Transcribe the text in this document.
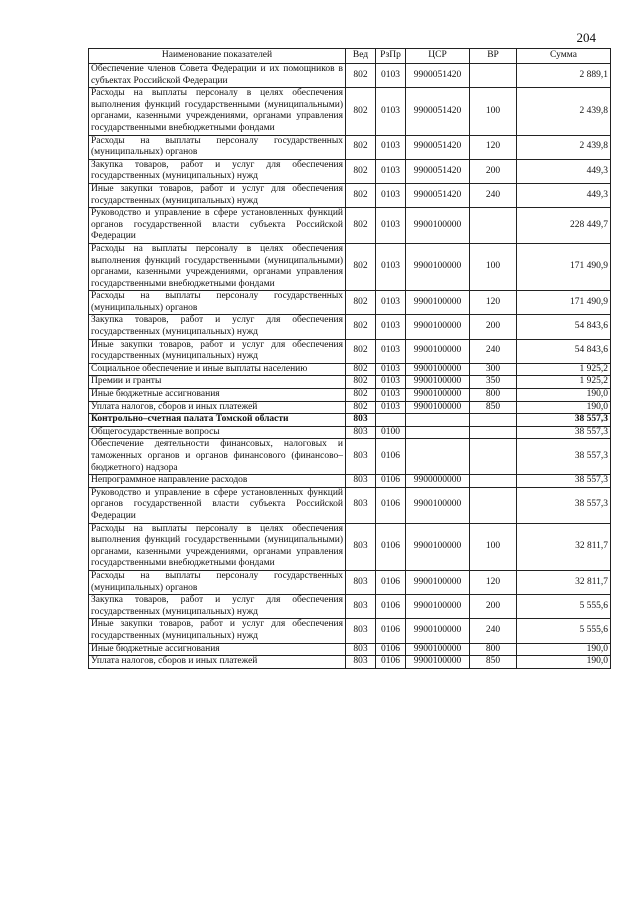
204
Наименование показателей	Вед	РзПр	ЦСР	ВР	Сумма
Обеспечение членов Совета Федерации и их помощников в субъектах Российской Федерации	802	0103	9900051420		2 889,1
Расходы на выплаты персоналу в целях обеспечения выполнения функций государственными (муниципальными) органами, казенными учреждениями, органами управления государственными внебюджетными фондами	802	0103	9900051420	100	2 439,8
Расходы на выплаты персоналу государственных (муниципальных) органов	802	0103	9900051420	120	2 439,8
Закупка товаров, работ и услуг для обеспечения государственных (муниципальных) нужд	802	0103	9900051420	200	449,3
Иные закупки товаров, работ и услуг для обеспечения государственных (муниципальных) нужд	802	0103	9900051420	240	449,3
Руководство и управление в сфере установленных функций органов государственной власти субъекта Российской Федерации	802	0103	9900100000		228 449,7
Расходы на выплаты персоналу в целях обеспечения выполнения функций государственными (муниципальными) органами, казенными учреждениями, органами управления государственными внебюджетными фондами	802	0103	9900100000	100	171 490,9
Расходы на выплаты персоналу государственных (муниципальных) органов	802	0103	9900100000	120	171 490,9
Закупка товаров, работ и услуг для обеспечения государственных (муниципальных) нужд	802	0103	9900100000	200	54 843,6
Иные закупки товаров, работ и услуг для обеспечения государственных (муниципальных) нужд	802	0103	9900100000	240	54 843,6
Социальное обеспечение и иные выплаты населению	802	0103	9900100000	300	1 925,2
Премии и гранты	802	0103	9900100000	350	1 925,2
Иные бюджетные ассигнования	802	0103	9900100000	800	190,0
Уплата налогов, сборов и иных платежей	802	0103	9900100000	850	190,0
Контрольно–счетная палата Томской области	803				38 557,3
Общегосударственные вопросы	803	0100			38 557,3
Обеспечение деятельности финансовых, налоговых и таможенных органов и органов финансового (финансово–бюджетного) надзора	803	0106			38 557,3
Непрограммное направление расходов	803	0106	9900000000		38 557,3
Руководство и управление в сфере установленных функций органов государственной власти субъекта Российской Федерации	803	0106	9900100000		38 557,3
Расходы на выплаты персоналу в целях обеспечения выполнения функций государственными (муниципальными) органами, казенными учреждениями, органами управления государственными внебюджетными фондами	803	0106	9900100000	100	32 811,7
Расходы на выплаты персоналу государственных (муниципальных) органов	803	0106	9900100000	120	32 811,7
Закупка товаров, работ и услуг для обеспечения государственных (муниципальных) нужд	803	0106	9900100000	200	5 555,6
Иные закупки товаров, работ и услуг для обеспечения государственных (муниципальных) нужд	803	0106	9900100000	240	5 555,6
Иные бюджетные ассигнования	803	0106	9900100000	800	190,0
Уплата налогов, сборов и иных платежей	803	0106	9900100000	850	190,0
